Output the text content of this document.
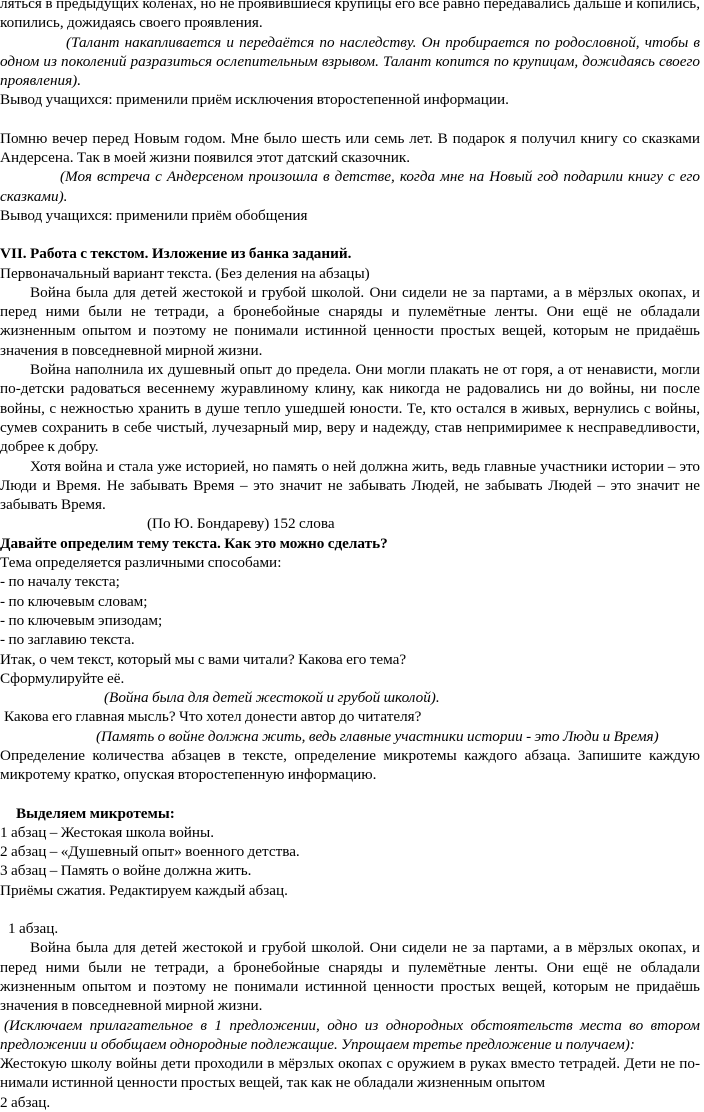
ляться в предыдущих коленах, но не проявившиеся крупицы его все равно передавались дальше и копились, копились, дожидаясь своего проявления.

(Талант накапливается и передаётся по наследству. Он пробирается по родословной, чтобы в одном из поколений разразиться ослепительным взрывом. Талант копится по крупицам, дожидаясь своего проявления).

Вывод учащихся: применили приём исключения второстепенной информации.

Помню вечер перед Новым годом. Мне было шесть или семь лет. В подарок я получил книгу со сказками Андерсена. Так в моей жизни появился этот датский сказочник.

(Моя встреча с Андерсеном произошла в детстве, когда мне на Новый год подарили книгу с его сказками).

Вывод учащихся: применили приём обобщения

VII. Работа с текстом. Изложение из банка заданий.

Первоначальный вариант текста. (Без деления на абзацы)

Война была для детей жестокой и грубой школой. Они сидели не за партами, а в мёрзлых окопах, и перед ними были не тетради, а бронебойные снаряды и пулемётные ленты. Они ещё не обладали жизненным опытом и поэтому не понимали истинной ценности простых вещей, которым не придаёшь значения в повседневной мирной жизни.

Война наполнила их душевный опыт до предела. Они могли плакать не от горя, а от ненависти, могли по-детски радоваться весеннему журавлиному клину, как никогда не радовались ни до войны, ни после войны, с нежностью хранить в душе тепло ушедшей юности. Те, кто остался в живых, вернулись с войны, сумев сохранить в себе чистый, лучезарный мир, веру и надежду, став непримиримее к несправедливости, добрее к добру.

Хотя война и стала уже историей, но память о ней должна жить, ведь главные участники истории – это Люди и Время. Не забывать Время – это значит не забывать Людей, не забывать Людей – это значит не забывать Время.

(По Ю. Бондареву) 152 слова

Давайте определим тему текста. Как это можно сделать?

Тема определяется различными способами:

- по началу текста;

- по ключевым словам;

- по ключевым эпизодам;

- по заглавию текста.

Итак, о чем текст, который мы с вами читали? Какова его тема?

Сформулируйте её.

(Война была для детей жестокой и грубой школой).

Какова его главная мысль? Что хотел донести автор до читателя?

(Память о войне должна жить, ведь главные участники истории - это Люди и Время)

Определение количества абзацев в тексте, определение микротемы каждого абзаца. Запишите каждую микротему кратко, опуская второстепенную информацию.

Выделяем микротемы:

1 абзац – Жестокая школа войны.

2 абзац – «Душевный опыт» военного детства.

3 абзац – Память о войне должна жить.

Приёмы сжатия. Редактируем каждый абзац.

1 абзац.

Война была для детей жестокой и грубой школой. Они сидели не за партами, а в мёрзлых окопах, и перед ними были не тетради, а бронебойные снаряды и пулемётные ленты. Они ещё не обладали жизненным опытом и поэтому не понимали истинной ценности простых вещей, которым не придаёшь значения в повседневной мирной жизни.

(Исключаем прилагательное в 1 предложении, одно из однородных обстоятельств места во втором предложении и обобщаем однородные подлежащие. Упрощаем третье предложение и получаем):

Жестокую школу войны дети проходили в мёрзлых окопах с оружием в руках вместо тетрадей. Дети не понимали истинной ценности простых вещей, так как не обладали жизненным опытом

2 абзац.
